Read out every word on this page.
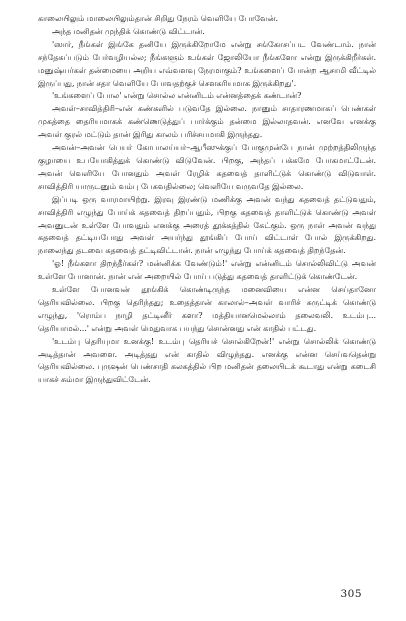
காலையிலும் மாலையிலும்தான் சிறிது நேரம் வெளியே போவேன்.

அந்த மனிதன் முந்திக் கொண்டு விட்டான்.

'ஸார், நீங்கள் இங்கே தனியே இருக்கிறோமே என்று சங்கோசப்பட வேண்டாம். நான் சந்தேகப்படும் பேர்வழியல்ல; நீங்களும் உங்கள் ஜோலியோ நீங்களோ என்று இருக்கிறீர்கள். மனுஷ்யர்கள் தன்மையை அறிய எவ்வளவு நேரமாகும்? உங்களைப் போன்ற ஆசாமி வீட்டில் இருப்பது, நான் சதா வெளியே போவதற்குச் சௌகரியமாக இருக்கிறது'.

'உங்களைப் போல' என்று சொல்ல என்னிடம் என்னத்தைக் கண்டான்?

அவள்–சாவித்திரி–என் கண்களில் படுவதே இல்லை. நானும் சாதாரணமாகப் பெண்கள் முகத்தை தைரியமாகக் கண்ணெடுத்துப் பார்க்கும் தன்மை இல்லாதவன். எனவே எனக்கு அவள் குரல் மட்டும் தான் இரிது காலம் பரிச்சயமாகி இருந்தது.

அவன்–அவன் பெயர் கோபாலய்யர்–ஆபீஸுக்குப் போகுமுன்பே நான் முற்றத்திலிருந்த குழாயை உபயோகித்துக் கொண்டு விடுவேன். பிறகு, அந்தப் பக்கமே போகமாட்டேன். அவன் வெளியே போனதும் அவள் ரேழிக் கதவைத் தாளிட்டுக் கொண்டு விடுவாள். சாவித்திரி யாருடனும் வம்பு பேசுவதில்லை; வெளியே வருவதே இல்லை.

இப்படி ஒரு வாரமாயிற்று. இரவு இரண்டு மணிக்கு அவன் வந்து கதவைத் தட்டுவதும், சாவித்திரி எழுந்து போய்க் கதவைத் திறப்பதும், பிறகு கதவைத் தாளிட்டுக் கொண்டு அவள் அவனுடன் உள்ளே போவதும் எனக்கு அரைத் தூக்கத்தில் கேட்கும். ஒரு நாள் அவன் வந்து கதவைத் தட்டியபோது அவள் அயர்ந்து தூங்கிப் போய் விட்டாள் போல் இருக்கிறது. நாலைந்து தடவை கதவைத் தட்டிவிட்டான். நான் எழுந்து போய்க் கதவைத் திறந்தேன்.

'ஓ! நீங்களா திறந்தீர்கள்? மன்னிக்க வேண்டும்!' என்று என்னிடம் சொல்லிவிட்டு அவன் உள்ளே போனான். நான் என் அறையில் போய் படுத்து கதவைத் தாளிட்டுக் கொண்டேன்.

உள்ளே போனவன் தூங்கிக் கொண்டிருந்த மனைவியை என்ன செய்தானோ தெரியவில்லை. பிறகு தெரிந்தது; உதைத்தான் காலால்–அவள் வாரிச் சுருட்டிக் கொண்டு எழுந்து, 'ரொம்ப நாழி தட்டினீர் களா? மத்தியானமெல்லாம் தலைவலி. உடம்பு... தெரியாமல்...' என்று அவள் மெதுவாக பயந்து சொன்னது என் காதில் பட்டது.

'உடம்பு தெரியுமா உனக்கு! உடம்பு தெரியச் சொல்கிறேன்!' என்று சொல்லிக் கொண்டு அடித்தான் அவளை. அடித்தது என் காதில் விழுந்தது. எனக்கு என்ன செய்வதென்று தெரியவில்லை. புருஷன் பெண்சாதி கலகத்தில் பிற மனிதன் தலையிடக் கூடாது என்று கடைசி யாகச் சும்மா இருந்துவிட்டேன்.

305
